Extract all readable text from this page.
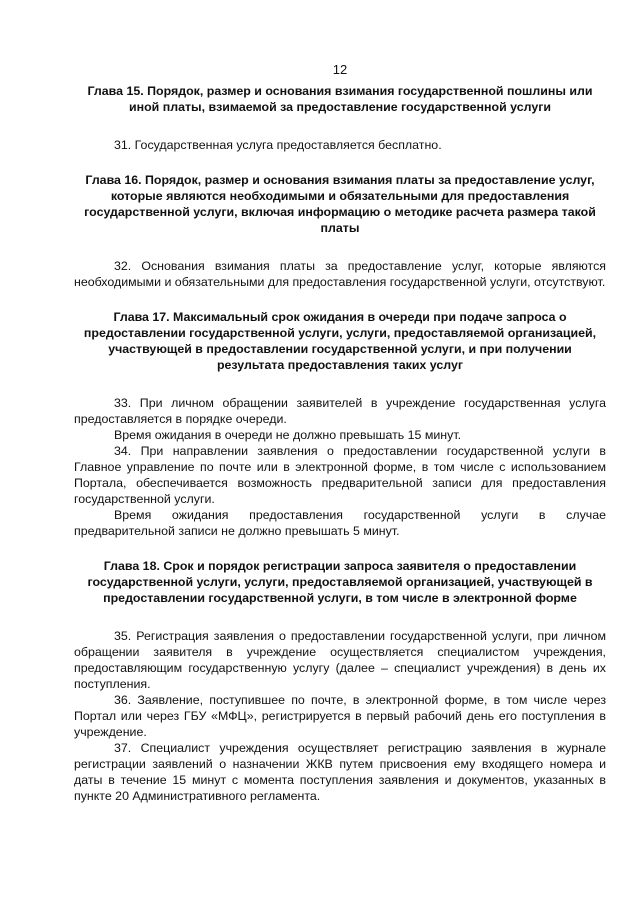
12

Глава 15. Порядок, размер и основания взимания государственной пошлины или иной платы, взимаемой за предоставление государственной услуги

31. Государственная услуга предоставляется бесплатно.

Глава 16. Порядок, размер и основания взимания платы за предоставление услуг, которые являются необходимыми и обязательными для предоставления государственной услуги, включая информацию о методике расчета размера такой платы

32. Основания взимания платы за предоставление услуг, которые являются необходимыми и обязательными для предоставления государственной услуги, отсутствуют.

Глава 17. Максимальный срок ожидания в очереди при подаче запроса о предоставлении государственной услуги, услуги, предоставляемой организацией, участвующей в предоставлении государственной услуги, и при получении результата предоставления таких услуг

33. При личном обращении заявителей в учреждение государственная услуга предоставляется в порядке очереди.

Время ожидания в очереди не должно превышать 15 минут.

34. При направлении заявления о предоставлении государственной услуги в Главное управление по почте или в электронной форме, в том числе с использованием Портала, обеспечивается возможность предварительной записи для предоставления государственной услуги.

Время ожидания предоставления государственной услуги в случае предварительной записи не должно превышать 5 минут.

Глава 18. Срок и порядок регистрации запроса заявителя о предоставлении государственной услуги, услуги, предоставляемой организацией, участвующей в предоставлении государственной услуги, в том числе в электронной форме

35. Регистрация заявления о предоставлении государственной услуги, при личном обращении заявителя в учреждение осуществляется специалистом учреждения, предоставляющим государственную услугу (далее – специалист учреждения) в день их поступления.

36. Заявление, поступившее по почте, в электронной форме, в том числе через Портал или через ГБУ «МФЦ», регистрируется в первый рабочий день его поступления в учреждение.

37. Специалист учреждения осуществляет регистрацию заявления в журнале регистрации заявлений о назначении ЖКВ путем присвоения ему входящего номера и даты в течение 15 минут с момента поступления заявления и документов, указанных в пункте 20 Административного регламента.
